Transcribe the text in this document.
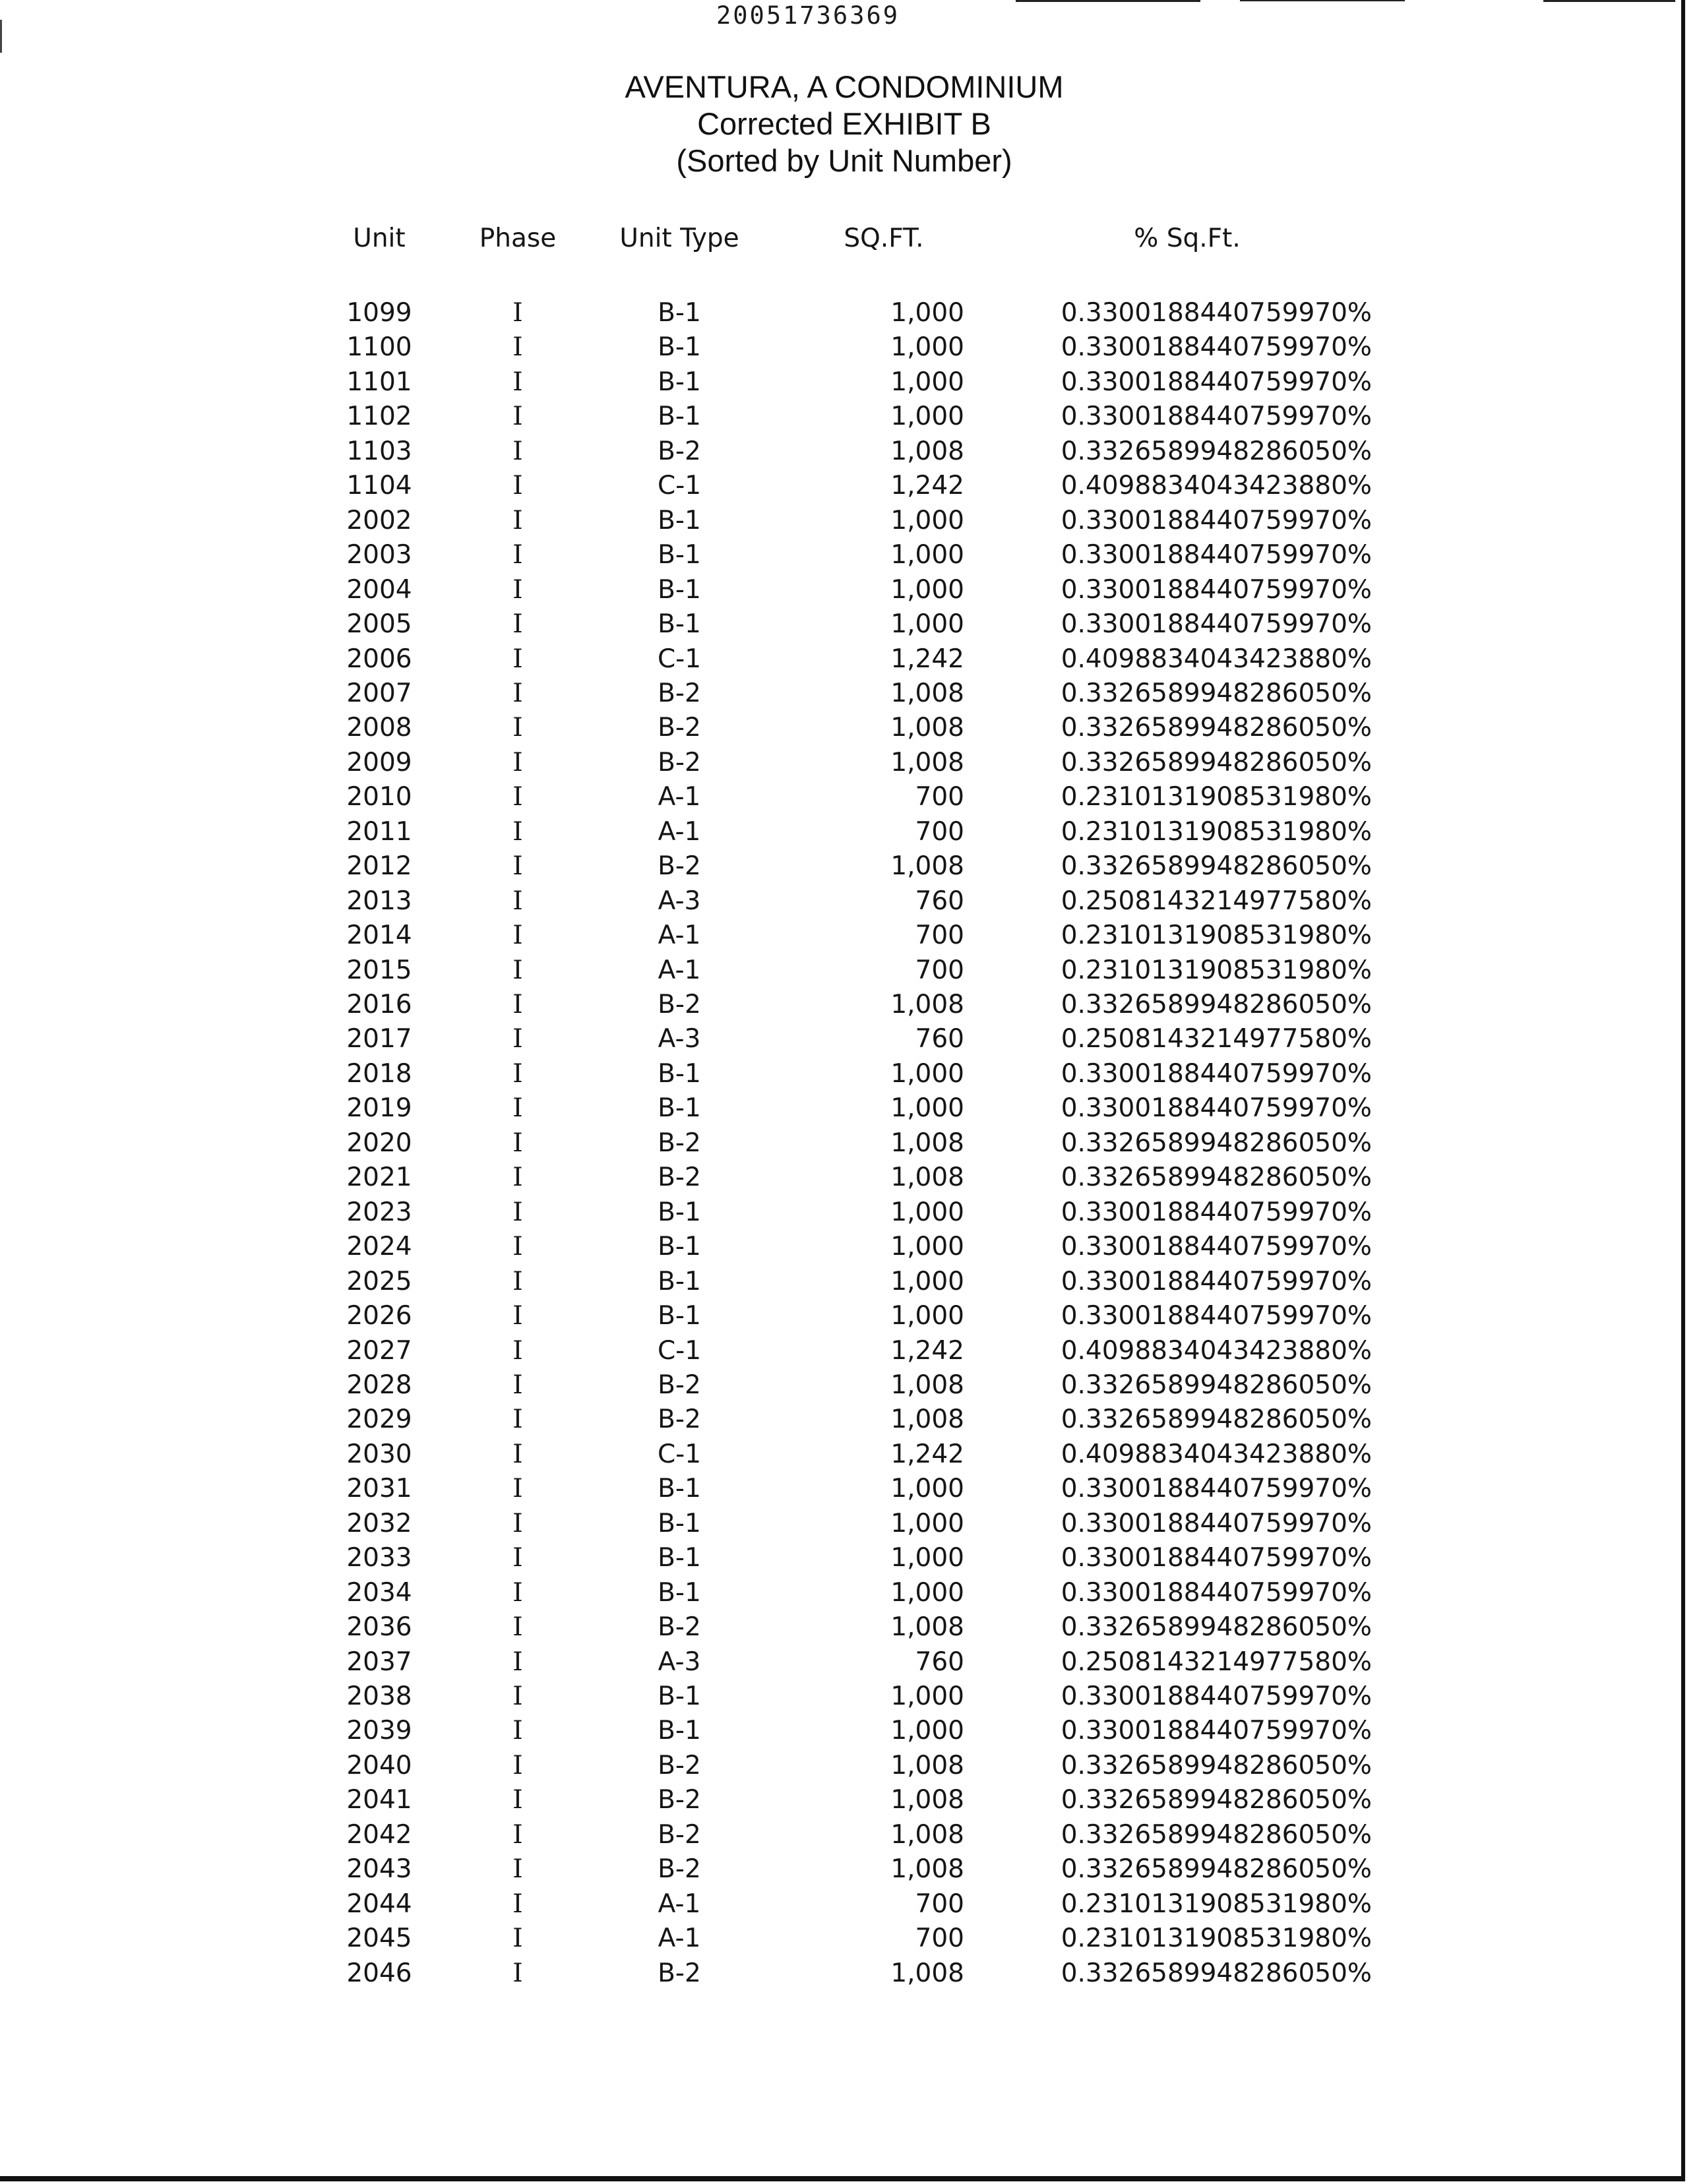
20051736369
AVENTURA, A CONDOMINIUM
Corrected EXHIBIT B
(Sorted by Unit Number)
Unit	Phase	Unit Type	SQ.FT.	% Sq.Ft.
1099	I	B-1	1,000	0.3300188440759970%
1100	I	B-1	1,000	0.3300188440759970%
1101	I	B-1	1,000	0.3300188440759970%
1102	I	B-1	1,000	0.3300188440759970%
1103	I	B-2	1,008	0.3326589948286050%
1104	I	C-1	1,242	0.4098834043423880%
2002	I	B-1	1,000	0.3300188440759970%
2003	I	B-1	1,000	0.3300188440759970%
2004	I	B-1	1,000	0.3300188440759970%
2005	I	B-1	1,000	0.3300188440759970%
2006	I	C-1	1,242	0.4098834043423880%
2007	I	B-2	1,008	0.3326589948286050%
2008	I	B-2	1,008	0.3326589948286050%
2009	I	B-2	1,008	0.3326589948286050%
2010	I	A-1	700	0.2310131908531980%
2011	I	A-1	700	0.2310131908531980%
2012	I	B-2	1,008	0.3326589948286050%
2013	I	A-3	760	0.2508143214977580%
2014	I	A-1	700	0.2310131908531980%
2015	I	A-1	700	0.2310131908531980%
2016	I	B-2	1,008	0.3326589948286050%
2017	I	A-3	760	0.2508143214977580%
2018	I	B-1	1,000	0.3300188440759970%
2019	I	B-1	1,000	0.3300188440759970%
2020	I	B-2	1,008	0.3326589948286050%
2021	I	B-2	1,008	0.3326589948286050%
2023	I	B-1	1,000	0.3300188440759970%
2024	I	B-1	1,000	0.3300188440759970%
2025	I	B-1	1,000	0.3300188440759970%
2026	I	B-1	1,000	0.3300188440759970%
2027	I	C-1	1,242	0.4098834043423880%
2028	I	B-2	1,008	0.3326589948286050%
2029	I	B-2	1,008	0.3326589948286050%
2030	I	C-1	1,242	0.4098834043423880%
2031	I	B-1	1,000	0.3300188440759970%
2032	I	B-1	1,000	0.3300188440759970%
2033	I	B-1	1,000	0.3300188440759970%
2034	I	B-1	1,000	0.3300188440759970%
2036	I	B-2	1,008	0.3326589948286050%
2037	I	A-3	760	0.2508143214977580%
2038	I	B-1	1,000	0.3300188440759970%
2039	I	B-1	1,000	0.3300188440759970%
2040	I	B-2	1,008	0.3326589948286050%
2041	I	B-2	1,008	0.3326589948286050%
2042	I	B-2	1,008	0.3326589948286050%
2043	I	B-2	1,008	0.3326589948286050%
2044	I	A-1	700	0.2310131908531980%
2045	I	A-1	700	0.2310131908531980%
2046	I	B-2	1,008	0.3326589948286050%
